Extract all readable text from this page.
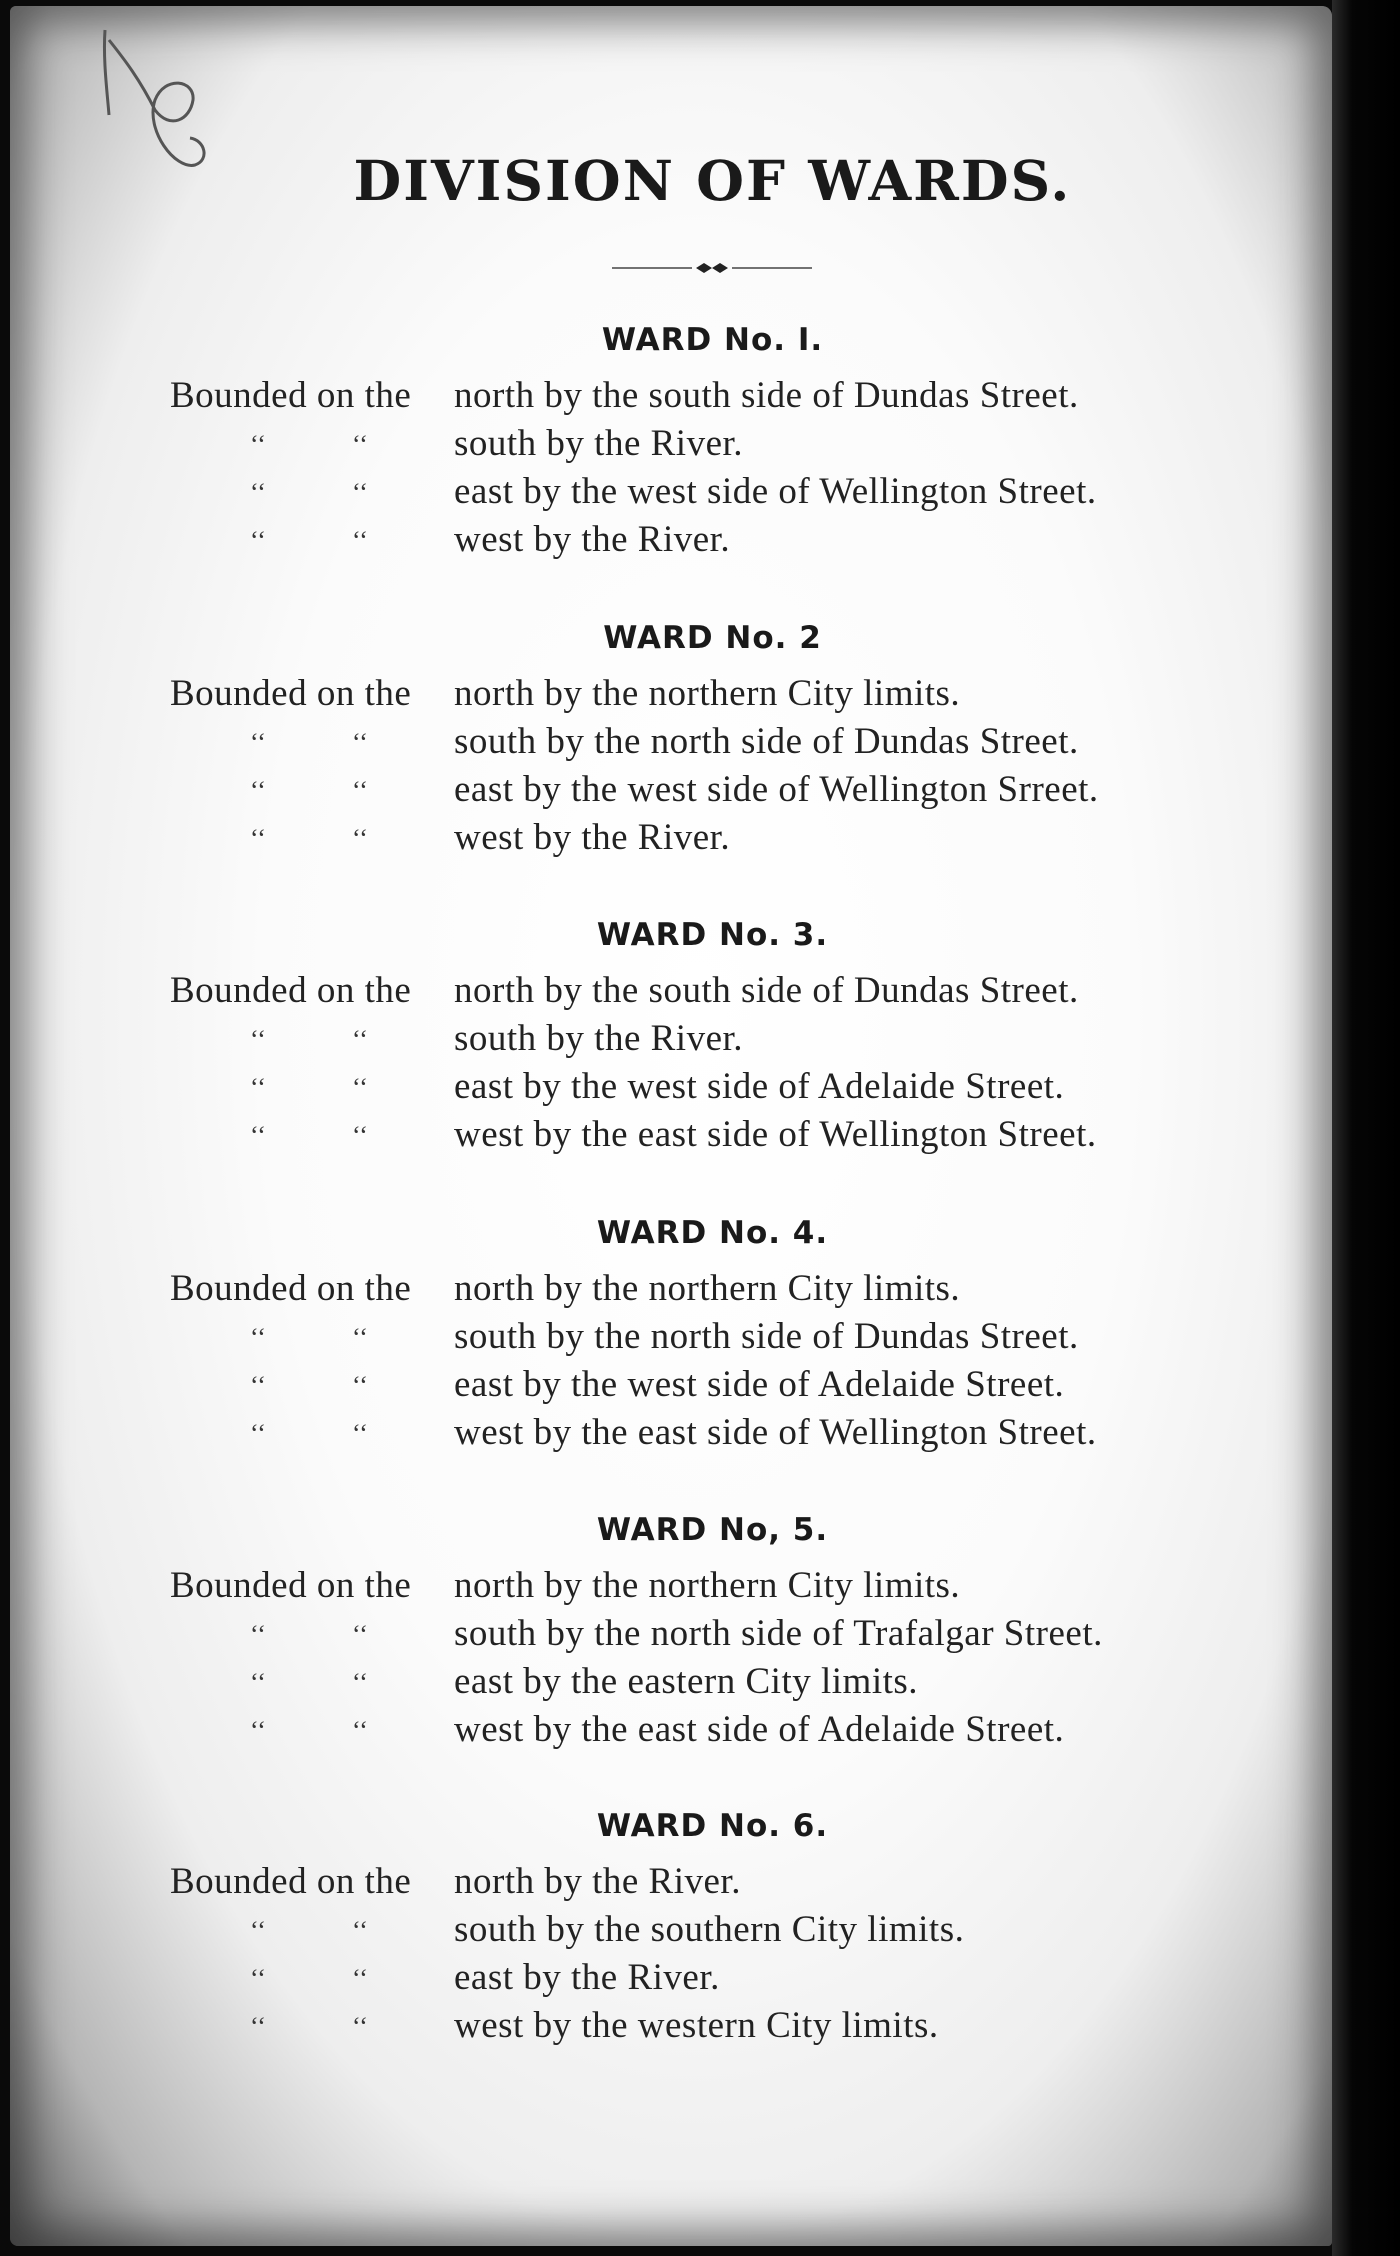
DIVISION OF WARDS.
WARD No. I.
Bounded on the north by the south side of Dundas Street.
‘‘	‘‘ south by the River.
‘‘	‘‘ east by the west side of Wellington Street.
‘‘	‘‘ west by the River.
WARD No. 2
Bounded on the north by the northern City limits.
‘‘	‘‘ south by the north side of Dundas Street.
‘‘	‘‘ east by the west side of Wellington Srreet.
‘‘	‘‘ west by the River.
WARD No. 3.
Bounded on the north by the south side of Dundas Street.
‘‘	‘‘ south by the River.
‘‘	‘‘ east by the west side of Adelaide Street.
‘‘	‘‘ west by the east side of Wellington Street.
WARD No. 4.
Bounded on the north by the northern City limits.
‘‘	‘‘ south by the north side of Dundas Street.
‘‘	‘‘ east by the west side of Adelaide Street.
‘‘	‘‘ west by the east side of Wellington Street.
WARD No, 5.
Bounded on the north by the northern City limits.
‘‘	‘‘ south by the north side of Trafalgar Street.
‘‘	‘‘ east by the eastern City limits.
‘‘	‘‘ west by the east side of Adelaide Street.
WARD No. 6.
Bounded on the north by the River.
‘‘	‘‘ south by the southern City limits.
‘‘	‘‘ east by the River.
‘‘	‘‘ west by the western City limits.
